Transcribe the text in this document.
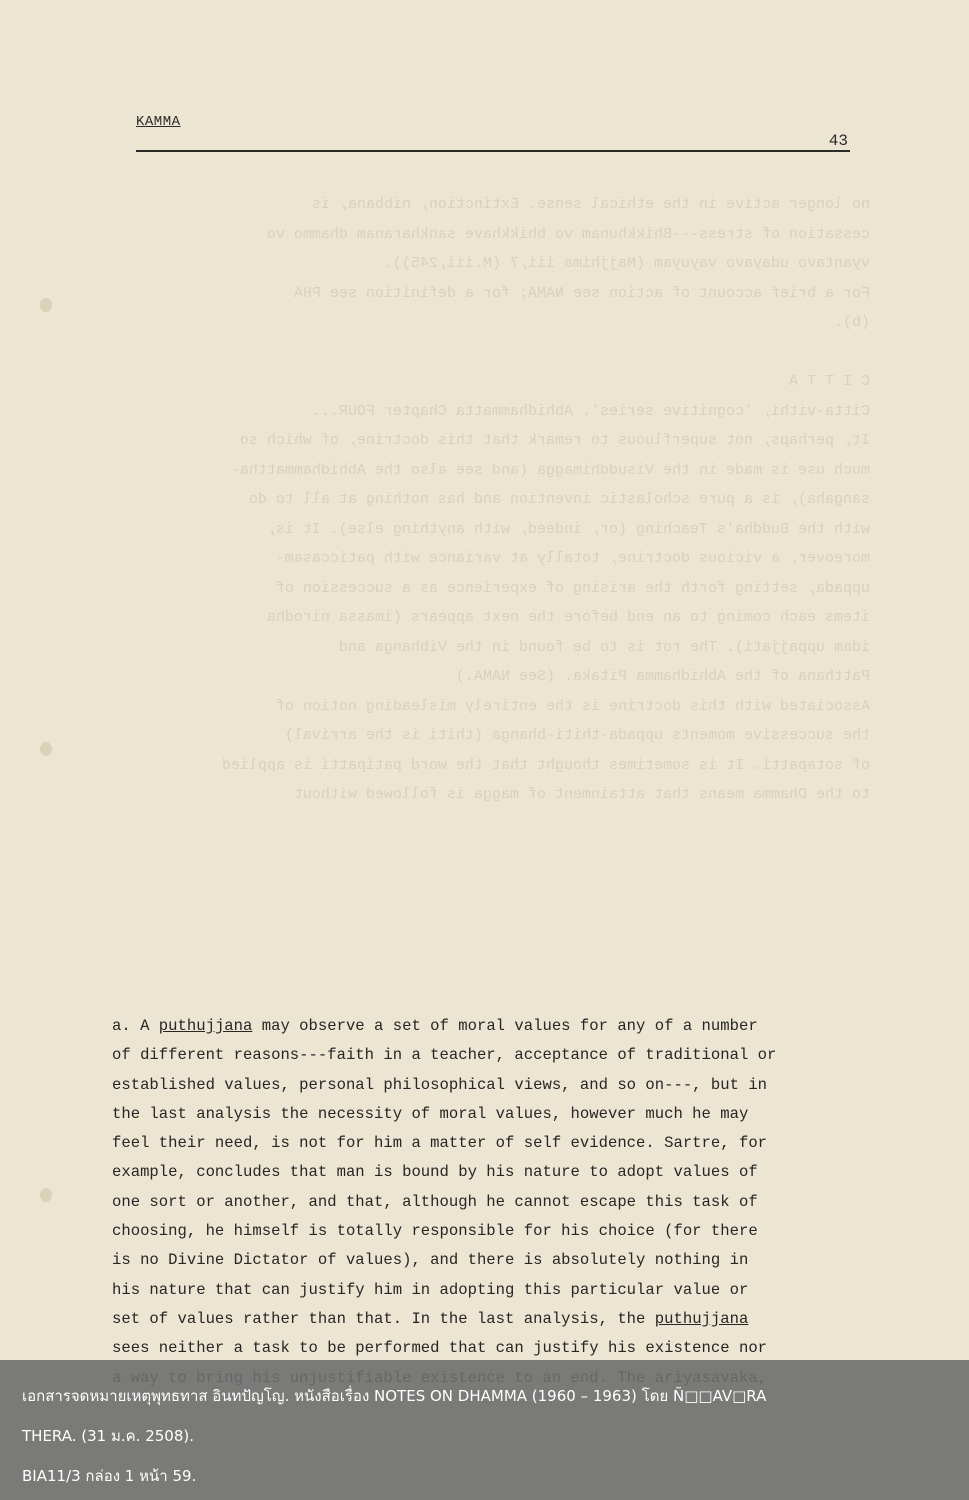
no longer active in the ethical sense. Extinction, nibbana, is
cessation of stress---Bhikkhunam vo bhikkhave sankharanam dhammo vo
vyantavo udayavo vayuyam (Majjhima iii,7 (M.iii,245)).
For a brief account of action see NAMA; for a definition see PHA
(b).
C I T T A
Citta-vithi, 'cognitive series'. Abhidhammatta Chapter FOUR...
It, perhaps, not superfluous to remark that this doctrine, of which so
much use is made in the Visuddhimagga (and see also the Abhidhammattha-
sangaha), is a pure scholastic invention and has nothing at all to do
with the Buddha's Teaching (or, indeed, with anything else). It is,
moreover, a vicious doctrine, totally at variance with paticcasam-
uppada, setting forth the arising of experience as a succession of
items each coming to an end before the next appears (imassa nirodha
idam uppajjati). The rot is to be found in the Vibhanga and
Patthana of the Abhidhamma Pitaka. (See NAMA.)
Associated with this doctrine is the entirely misleading notion of
the successive moments uppada-thiti-bhanga (thiti is the arrival)
of sotapatti. It is sometimes thought that the word patipatti is applied
to the Dhamma means that attainment of magga is followed without
KAMMA
43
a. A puthujjana may observe a set of moral values for any of a number
of different reasons---faith in a teacher, acceptance of traditional or
established values, personal philosophical views, and so on---, but in
the last analysis the necessity of moral values, however much he may
feel their need, is not for him a matter of self evidence. Sartre, for
example, concludes that man is bound by his nature to adopt values of
one sort or another, and that, although he cannot escape this task of
choosing, he himself is totally responsible for his choice (for there
is no Divine Dictator of values), and there is absolutely nothing in
his nature that can justify him in adopting this particular value or
set of values rather than that. In the last analysis, the puthujjana
sees neither a task to be performed that can justify his existence nor
เอกสารจดหมายเหตุพุทธทาส อินทปัญโญ. หนังสือเรื่อง NOTES ON DHAMMA (1960 – 1963) โดย Ñ□□AV□RA
THERA. (31 ม.ค. 2508).
BIA11/3 กล่อง 1 หน้า 59.
